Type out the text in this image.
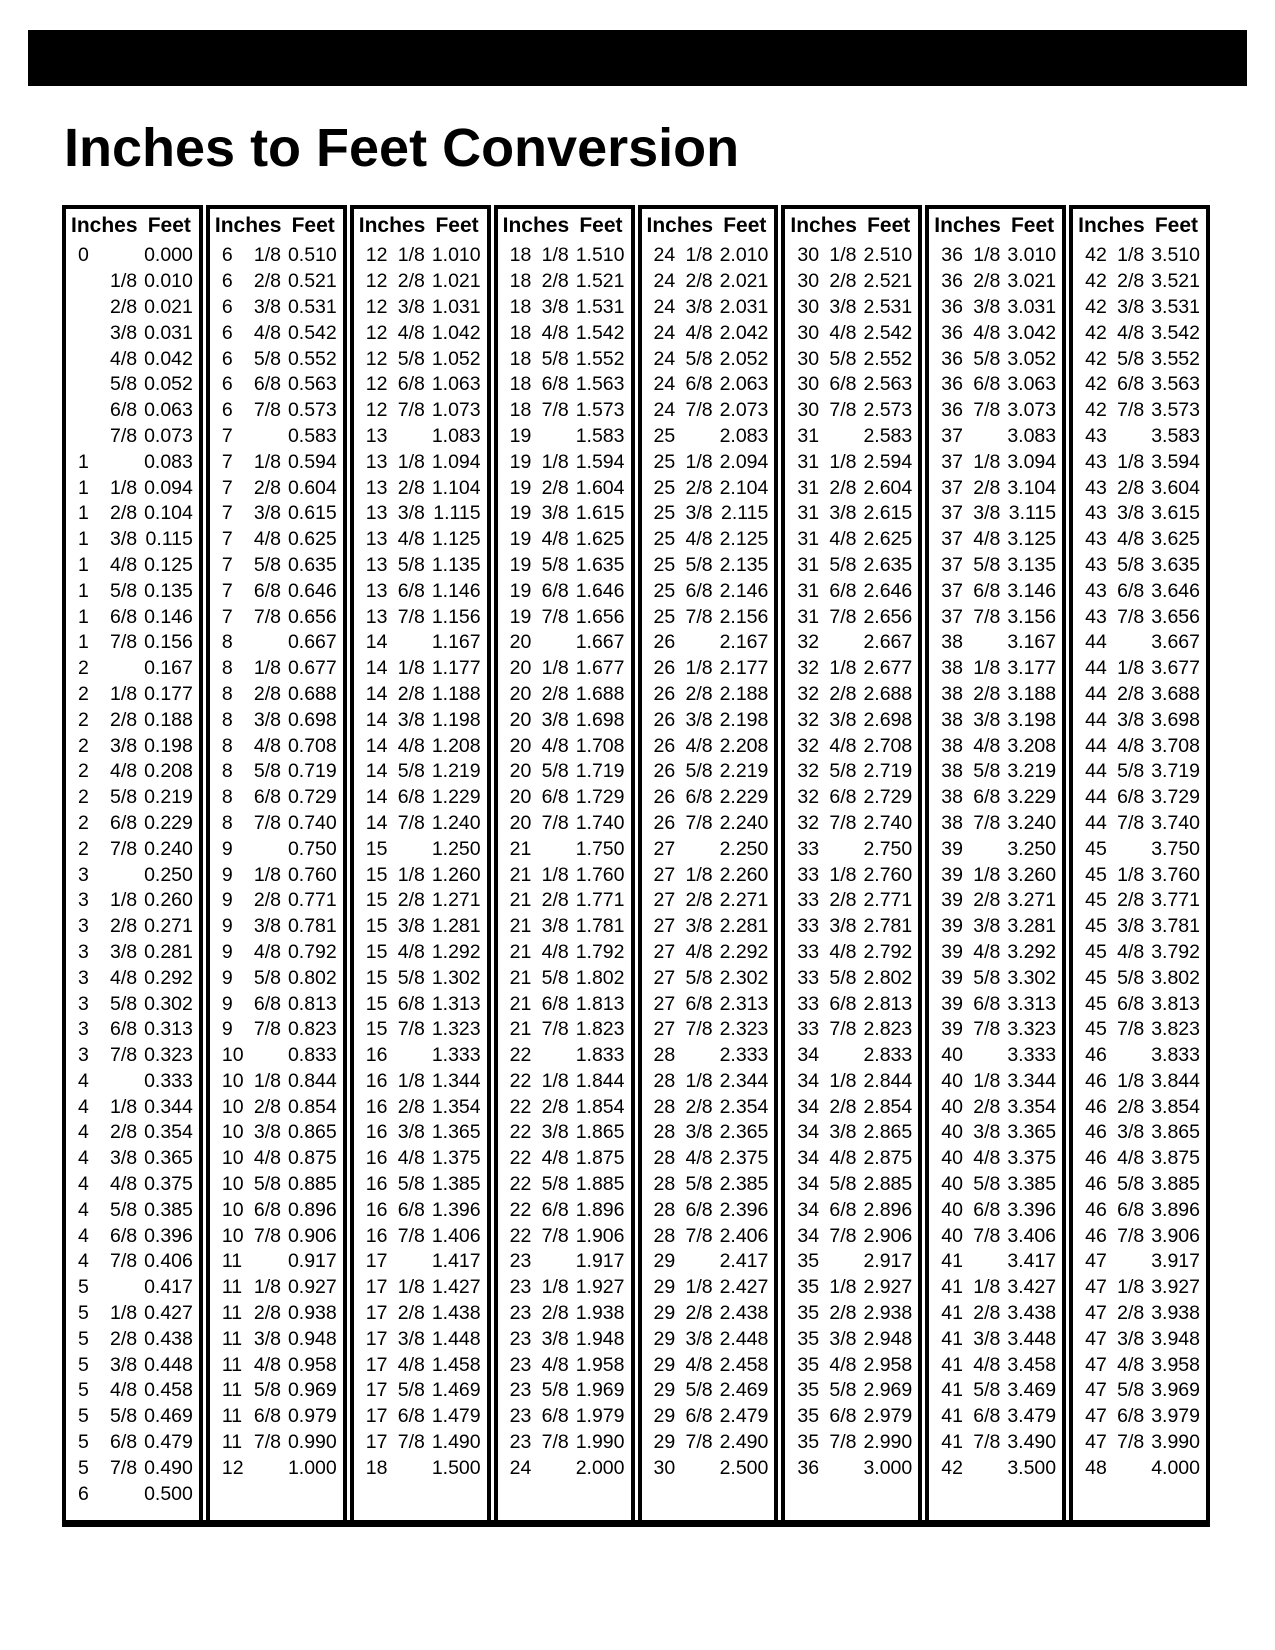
Inches to Feet Conversion
Inches Feet
0	0.000
1/8 0.010
2/8 0.021
3/8 0.031
4/8 0.042
5/8 0.052
6/8 0.063
7/8 0.073
1	0.083
1	1/8 0.094
1	2/8 0.104
1	3/8 0.115
1	4/8 0.125
1	5/8 0.135
1	6/8 0.146
1	7/8 0.156
2	0.167
2	1/8 0.177
2	2/8 0.188
2	3/8 0.198
2	4/8 0.208
2	5/8 0.219
2	6/8 0.229
2	7/8 0.240
3	0.250
3	1/8 0.260
3	2/8 0.271
3	3/8 0.281
3	4/8 0.292
3	5/8 0.302
3	6/8 0.313
3	7/8 0.323
4	0.333
4	1/8 0.344
4	2/8 0.354
4	3/8 0.365
4	4/8 0.375
4	5/8 0.385
4	6/8 0.396
4	7/8 0.406
5	0.417
5	1/8 0.427
5	2/8 0.438
5	3/8 0.448
5	4/8 0.458
5	5/8 0.469
5	6/8 0.479
5	7/8 0.490
6	0.500
Inches Feet
6	1/8 0.510
6	2/8 0.521
6	3/8 0.531
6	4/8 0.542
6	5/8 0.552
6	6/8 0.563
6	7/8 0.573
7	0.583
7	1/8 0.594
7	2/8 0.604
7	3/8 0.615
7	4/8 0.625
7	5/8 0.635
7	6/8 0.646
7	7/8 0.656
8	0.667
8	1/8 0.677
8	2/8 0.688
8	3/8 0.698
8	4/8 0.708
8	5/8 0.719
8	6/8 0.729
8	7/8 0.740
9	0.750
9	1/8 0.760
9	2/8 0.771
9	3/8 0.781
9	4/8 0.792
9	5/8 0.802
9	6/8 0.813
9	7/8 0.823
10	0.833
10 1/8 0.844
10 2/8 0.854
10 3/8 0.865
10 4/8 0.875
10 5/8 0.885
10 6/8 0.896
10 7/8 0.906
11	0.917
11 1/8 0.927
11 2/8 0.938
11 3/8 0.948
11 4/8 0.958
11 5/8 0.969
11 6/8 0.979
11 7/8 0.990
12	1.000
Inches Feet
12 1/8 1.010
12 2/8 1.021
12 3/8 1.031
12 4/8 1.042
12 5/8 1.052
12 6/8 1.063
12 7/8 1.073
13	1.083
13 1/8 1.094
13 2/8 1.104
13 3/8 1.115
13 4/8 1.125
13 5/8 1.135
13 6/8 1.146
13 7/8 1.156
14	1.167
14 1/8 1.177
14 2/8 1.188
14 3/8 1.198
14 4/8 1.208
14 5/8 1.219
14 6/8 1.229
14 7/8 1.240
15	1.250
15 1/8 1.260
15 2/8 1.271
15 3/8 1.281
15 4/8 1.292
15 5/8 1.302
15 6/8 1.313
15 7/8 1.323
16	1.333
16 1/8 1.344
16 2/8 1.354
16 3/8 1.365
16 4/8 1.375
16 5/8 1.385
16 6/8 1.396
16 7/8 1.406
17	1.417
17 1/8 1.427
17 2/8 1.438
17 3/8 1.448
17 4/8 1.458
17 5/8 1.469
17 6/8 1.479
17 7/8 1.490
18	1.500
Inches Feet
18 1/8 1.510
18 2/8 1.521
18 3/8 1.531
18 4/8 1.542
18 5/8 1.552
18 6/8 1.563
18 7/8 1.573
19	1.583
19 1/8 1.594
19 2/8 1.604
19 3/8 1.615
19 4/8 1.625
19 5/8 1.635
19 6/8 1.646
19 7/8 1.656
20	1.667
20 1/8 1.677
20 2/8 1.688
20 3/8 1.698
20 4/8 1.708
20 5/8 1.719
20 6/8 1.729
20 7/8 1.740
21	1.750
21 1/8 1.760
21 2/8 1.771
21 3/8 1.781
21 4/8 1.792
21 5/8 1.802
21 6/8 1.813
21 7/8 1.823
22	1.833
22 1/8 1.844
22 2/8 1.854
22 3/8 1.865
22 4/8 1.875
22 5/8 1.885
22 6/8 1.896
22 7/8 1.906
23	1.917
23 1/8 1.927
23 2/8 1.938
23 3/8 1.948
23 4/8 1.958
23 5/8 1.969
23 6/8 1.979
23 7/8 1.990
24	2.000
Inches Feet
24 1/8 2.010
24 2/8 2.021
24 3/8 2.031
24 4/8 2.042
24 5/8 2.052
24 6/8 2.063
24 7/8 2.073
25	2.083
25 1/8 2.094
25 2/8 2.104
25 3/8 2.115
25 4/8 2.125
25 5/8 2.135
25 6/8 2.146
25 7/8 2.156
26	2.167
26 1/8 2.177
26 2/8 2.188
26 3/8 2.198
26 4/8 2.208
26 5/8 2.219
26 6/8 2.229
26 7/8 2.240
27	2.250
27 1/8 2.260
27 2/8 2.271
27 3/8 2.281
27 4/8 2.292
27 5/8 2.302
27 6/8 2.313
27 7/8 2.323
28	2.333
28 1/8 2.344
28 2/8 2.354
28 3/8 2.365
28 4/8 2.375
28 5/8 2.385
28 6/8 2.396
28 7/8 2.406
29	2.417
29 1/8 2.427
29 2/8 2.438
29 3/8 2.448
29 4/8 2.458
29 5/8 2.469
29 6/8 2.479
29 7/8 2.490
30	2.500
Inches Feet
30 1/8 2.510
30 2/8 2.521
30 3/8 2.531
30 4/8 2.542
30 5/8 2.552
30 6/8 2.563
30 7/8 2.573
31	2.583
31 1/8 2.594
31 2/8 2.604
31 3/8 2.615
31 4/8 2.625
31 5/8 2.635
31 6/8 2.646
31 7/8 2.656
32	2.667
32 1/8 2.677
32 2/8 2.688
32 3/8 2.698
32 4/8 2.708
32 5/8 2.719
32 6/8 2.729
32 7/8 2.740
33	2.750
33 1/8 2.760
33 2/8 2.771
33 3/8 2.781
33 4/8 2.792
33 5/8 2.802
33 6/8 2.813
33 7/8 2.823
34	2.833
34 1/8 2.844
34 2/8 2.854
34 3/8 2.865
34 4/8 2.875
34 5/8 2.885
34 6/8 2.896
34 7/8 2.906
35	2.917
35 1/8 2.927
35 2/8 2.938
35 3/8 2.948
35 4/8 2.958
35 5/8 2.969
35 6/8 2.979
35 7/8 2.990
36	3.000
Inches Feet
36 1/8 3.010
36 2/8 3.021
36 3/8 3.031
36 4/8 3.042
36 5/8 3.052
36 6/8 3.063
36 7/8 3.073
37	3.083
37 1/8 3.094
37 2/8 3.104
37 3/8 3.115
37 4/8 3.125
37 5/8 3.135
37 6/8 3.146
37 7/8 3.156
38	3.167
38 1/8 3.177
38 2/8 3.188
38 3/8 3.198
38 4/8 3.208
38 5/8 3.219
38 6/8 3.229
38 7/8 3.240
39	3.250
39 1/8 3.260
39 2/8 3.271
39 3/8 3.281
39 4/8 3.292
39 5/8 3.302
39 6/8 3.313
39 7/8 3.323
40	3.333
40 1/8 3.344
40 2/8 3.354
40 3/8 3.365
40 4/8 3.375
40 5/8 3.385
40 6/8 3.396
40 7/8 3.406
41	3.417
41 1/8 3.427
41 2/8 3.438
41 3/8 3.448
41 4/8 3.458
41 5/8 3.469
41 6/8 3.479
41 7/8 3.490
42	3.500
Inches Feet
42 1/8 3.510
42 2/8 3.521
42 3/8 3.531
42 4/8 3.542
42 5/8 3.552
42 6/8 3.563
42 7/8 3.573
43	3.583
43 1/8 3.594
43 2/8 3.604
43 3/8 3.615
43 4/8 3.625
43 5/8 3.635
43 6/8 3.646
43 7/8 3.656
44	3.667
44 1/8 3.677
44 2/8 3.688
44 3/8 3.698
44 4/8 3.708
44 5/8 3.719
44 6/8 3.729
44 7/8 3.740
45	3.750
45 1/8 3.760
45 2/8 3.771
45 3/8 3.781
45 4/8 3.792
45 5/8 3.802
45 6/8 3.813
45 7/8 3.823
46	3.833
46 1/8 3.844
46 2/8 3.854
46 3/8 3.865
46 4/8 3.875
46 5/8 3.885
46 6/8 3.896
46 7/8 3.906
47	3.917
47 1/8 3.927
47 2/8 3.938
47 3/8 3.948
47 4/8 3.958
47 5/8 3.969
47 6/8 3.979
47 7/8 3.990
48	4.000
